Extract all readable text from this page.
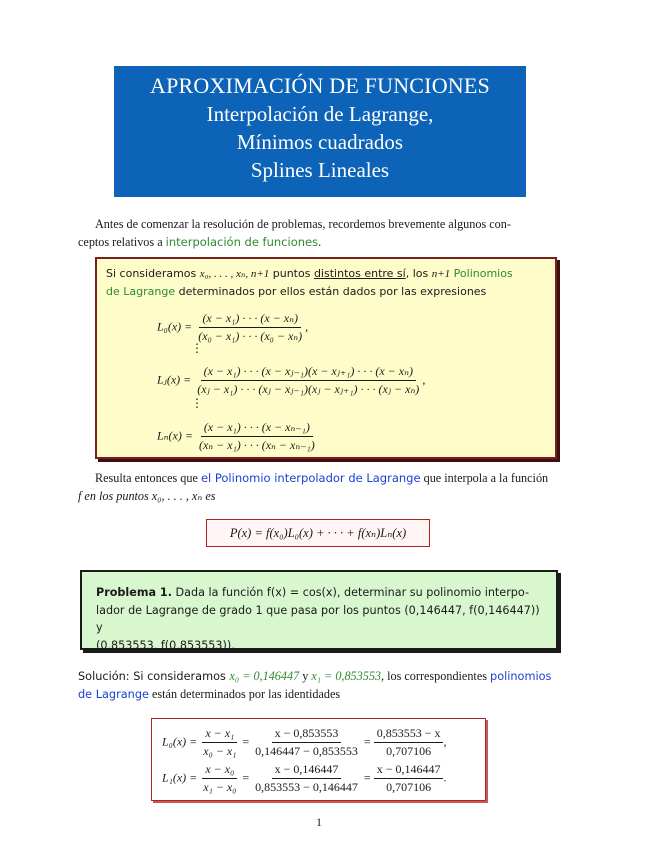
APROXIMACIÓN DE FUNCIONES
Interpolación de Lagrange,
Mínimos cuadrados
Splines Lineales
Antes de comenzar la resolución de problemas, recordemos brevemente algunos con-
ceptos relativos a interpolación de funciones.
Si consideramos x₀, . . . , xₙ, n+1 puntos distintos entre sí, los n+1 Polinomios
de Lagrange determinados por ellos están dados por las expresiones
$L_0(x) = \frac{\text{(x − x₁) · · · (x − xₙ)}}{\text{(x₀ − x₁) · · · (x₀ − xₙ)}}$ ,
⋮
Lⱼ(x) = $\frac{\text{(x − x₁) · · · (x − xⱼ₋₁)(x − xⱼ₊₁) · · · (x − xₙ)}}{\text{(xⱼ − x₁) · · · (xⱼ − xⱼ₋₁)(xⱼ − xⱼ₊₁) · · · (xⱼ − xₙ)}}$ ,
⋮
$L_n(x) = \frac{\text{(x − x₁) · · · (x − xₙ₋₁)}}{\text{(xₙ − x₁) · · · (xₙ − xₙ₋₁)}}$
Resulta entonces que el Polinomio interpolador de Lagrange que interpola a la función
f en los puntos x₀, . . . , xₙ es
P(x) = f(x₀)L₀(x) + · · · + f(xₙ)Lₙ(x)
Problema 1. Dada la función f(x) = cos(x), determinar su polinomio interpo-
lador de Lagrange de grado 1 que pasa por los puntos (0,146447, f(0,146447)) y
(0,853553, f(0,853553)).
Solución: Si consideramos x₀ = 0,146447 y x₁ = 0,853553, los correspondientes polinomios
de Lagrange están determinados por las identidades
$L_0(x) = \frac{\text{x − x₁}}{\text{x₀ − x₁}} = \frac{x - 0,853553}{0,146447 - 0,853553} = \frac{0,853553 - x}{0,707106}$ ,
$L_1(x) = \frac{\text{x − x₀}}{\text{x₁ − x₀}} = \frac{x - 0,146447}{0,853553 - 0,146447} = \frac{x - 0,146447}{0,707106}$ .
1
